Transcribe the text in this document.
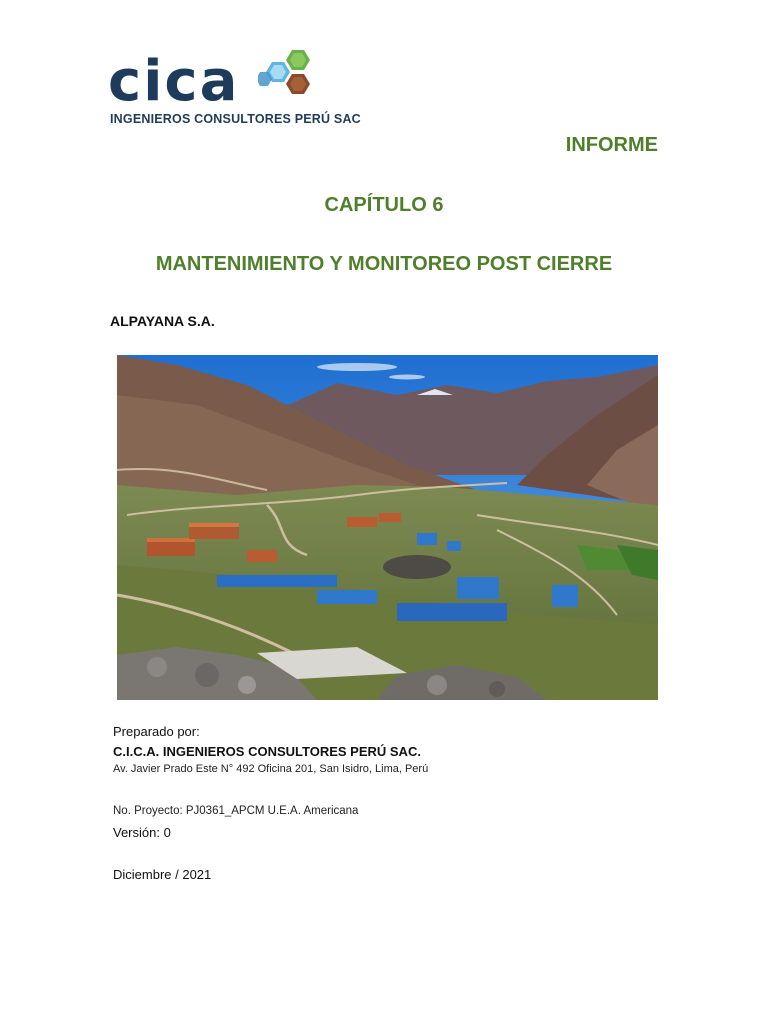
cica
INGENIEROS CONSULTORES PERÚ SAC
INFORME
CAPÍTULO 6
MANTENIMIENTO Y MONITOREO POST CIERRE

ALPAYANA S.A.

Preparado por:
C.I.C.A. INGENIEROS CONSULTORES PERÚ SAC.
Av. Javier Prado Este N° 492 Oficina 201, San Isidro, Lima, Perú
No. Proyecto: PJ0361_APCM U.E.A. Americana
Versión: 0
Diciembre / 2021
